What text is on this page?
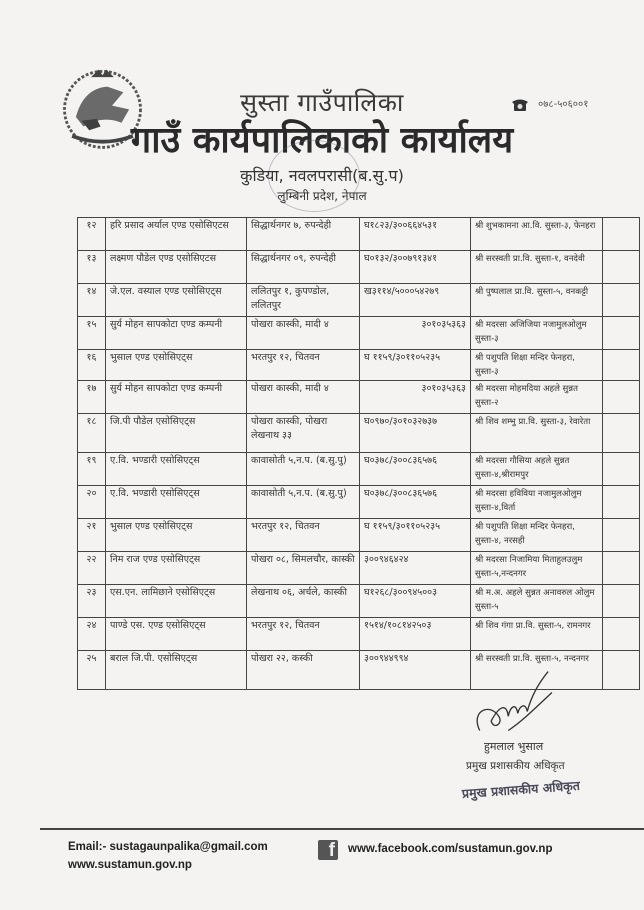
सुस्ता गाउँपालिका
गाउँ कार्यपालिकाको कार्यालय
कुडिया, नवलपरासी(ब.सु.प)
लुम्बिनी प्रदेश, नेपाल
०७८-५०६००१
१२	हरि प्रसाद अर्याल एण्ड एसोसिएटस	सिद्धार्थनगर ७, रुपन्देही	घ१८२३/३००६६४५३१	श्री शुभकामना आ.वि. सुस्ता-३, फेनहरा	
१३	लक्ष्मण पौडेल एण्ड एसोसिएटस	सिद्धार्थनगर ०९, रुपन्देही	घ०१३२/३००७९१३४१	श्री सरस्वती प्रा.वि. सुस्ता-१, वनदेवी	
१४	जे.एल. वस्याल एण्ड एसोसिएट्स	ललितपुर १, कुपण्डोल, ललितपुर	ख३११४/५०००५४२७९	श्री पुष्पलाल प्रा.वि. सुस्ता-५, वनकट्टी	
१५	सुर्य मोहन सापकोटा एण्ड कम्पनी	पोखरा कास्की, मादी ४	३०१०३५३६३	श्री मदरसा अजिजिया नजामुलओलुम सुस्ता-३	
१६	भुसाल एण्ड एसोसिएट्स	भरतपुर १२, चितवन	घ ११५९/३०११०५२३५	श्री पशुपति शिक्षा मन्दिर फेनहरा, सुस्ता-३	
१७	सुर्य मोहन सापकोटा एण्ड कम्पनी	पोखरा कास्की, मादी ४	३०१०३५३६३	श्री मदरसा मोहमदिया अहले सुन्नत सुस्ता-२	
१८	जि.पी पौडेल एसोसिएट्स	पोखरा कास्की, पोखरा लेखनाथ ३३	घ०९७०/३०१०३२७३७	श्री शिव शम्भु प्रा.वि. सुस्ता-३, रेवारेता	
१९	ए.वि. भण्डारी एसोसिएट्स	कावासोती ५,न.प. (ब.सु.पु)	घ०३७८/३००८३६५७६	श्री मदरसा गौसिया अहले सुन्नत सुस्ता-४,श्रीरामपुर	
२०	ए.वि. भण्डारी एसोसिएट्स	कावासोती ५,न.प. (ब.सु.पु)	घ०३७८/३००८३६५७६	श्री मदरसा हविविया नजामुलओलुम सुस्ता-४,विर्ता	
२१	भुसाल एण्ड एसोसिएट्स	भरतपुर १२, चितवन	घ ११५९/३०११०५२३५	श्री पशुपति शिक्षा मन्दिर फेनहरा, सुस्ता-४, नरसही	
२२	निम राज एण्ड एसोसिएट्स	पोखरा ०८, सिमलचौर, कास्की	३००९४६४२४	श्री मदरसा निजामिया मिताहुलउलुम सुस्ता-५,नन्दनगर	
२३	एस.एन. लामिछाने एसोसिएट्स	लेखनाथ ०६, अर्चले, कास्की	घ१२६८/३००९४५००३	श्री म.अ. अहले सुन्नत अनावरुल ओलुम सुस्ता-५	
२४	पाण्डे एस. एण्ड एसोसिएट्स	भरतपुर १२, चितवन	१५१४/१०८१४२५०३	श्री शिव गंगा प्रा.वि. सुस्ता-५, रामनगर	
२५	बराल जि.पी. एसोसिएट्स	पोखरा २२, कस्की	३००९४४९९४	श्री सरस्वती प्रा.वि. सुस्ता-५, नन्दनगर	
हुमलाल भुसाल
प्रमुख प्रशासकीय अधिकृत
प्रमुख प्रशासकीय अधिकृत
Email:- sustagaunpalika@gmail.com
www.sustamun.gov.np
f www.facebook.com/sustamun.gov.np
